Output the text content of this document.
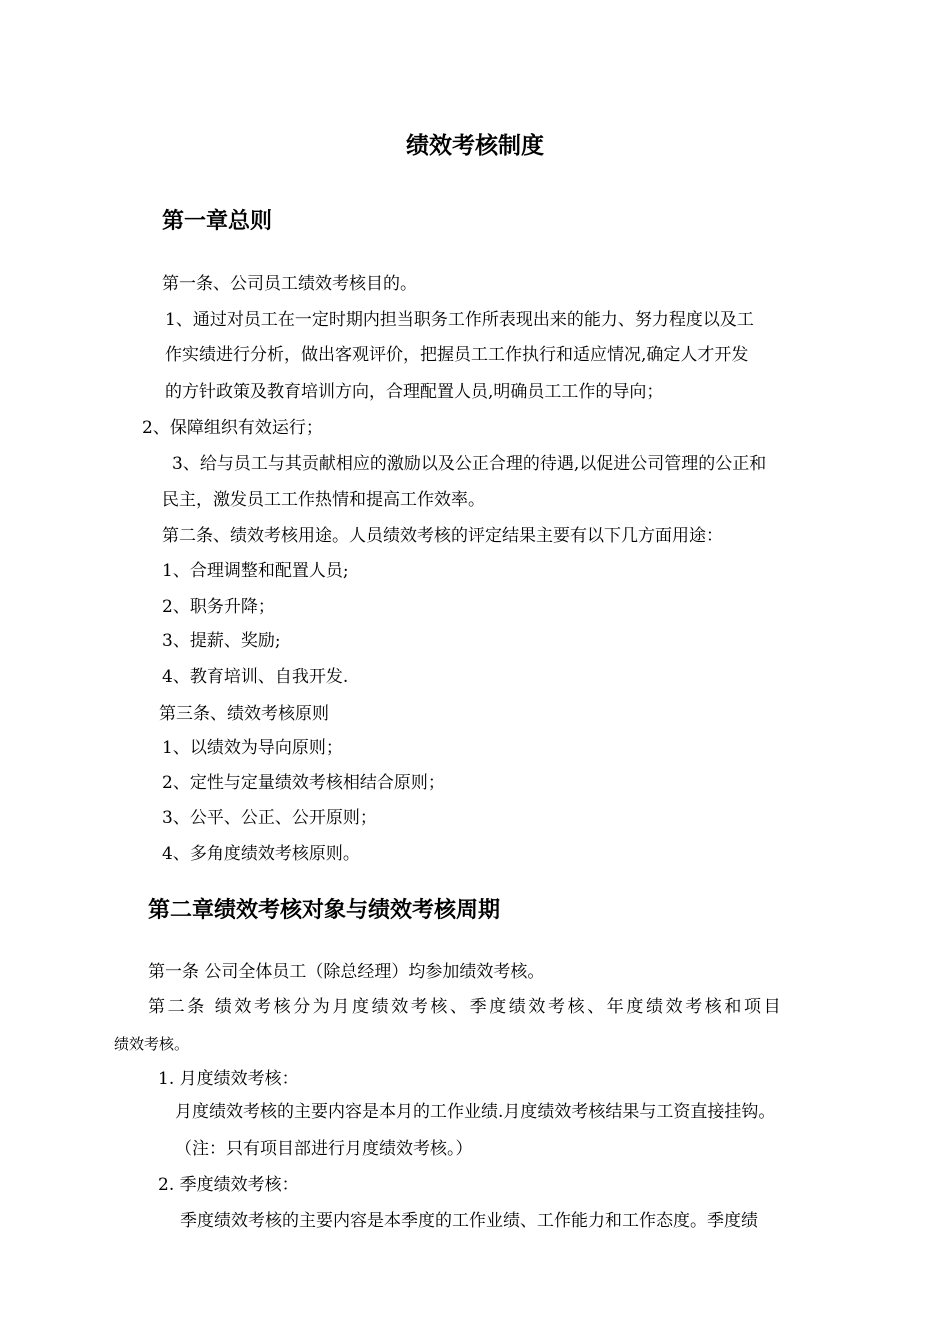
绩效考核制度
第一章总则
第一条、公司员工绩效考核目的。
1、通过对员工在一定时期内担当职务工作所表现出来的能力、努力程度以及工
作实绩进行分析，做出客观评价，把握员工工作执行和适应情况,确定人才开发
的方针政策及教育培训方向，合理配置人员,明确员工工作的导向；
2、保障组织有效运行；
3、给与员工与其贡献相应的激励以及公正合理的待遇,以促进公司管理的公正和
民主，激发员工工作热情和提高工作效率。
第二条、绩效考核用途。人员绩效考核的评定结果主要有以下几方面用途：
1、合理调整和配置人员;
2、职务升降；
3、提薪、奖励;
4、教育培训、自我开发.
第三条、绩效考核原则
1、以绩效为导向原则；
2、定性与定量绩效考核相结合原则；
3、公平、公正、公开原则；
4、多角度绩效考核原则。
第二章绩效考核对象与绩效考核周期
第一条 公司全体员工（除总经理）均参加绩效考核。
第二条 绩效考核分为月度绩效考核、季度绩效考核、年度绩效考核和项目
绩效考核。
1. 月度绩效考核：
月度绩效考核的主要内容是本月的工作业绩.月度绩效考核结果与工资直接挂钩。
（注：只有项目部进行月度绩效考核。）
2. 季度绩效考核：
季度绩效考核的主要内容是本季度的工作业绩、工作能力和工作态度。季度绩
